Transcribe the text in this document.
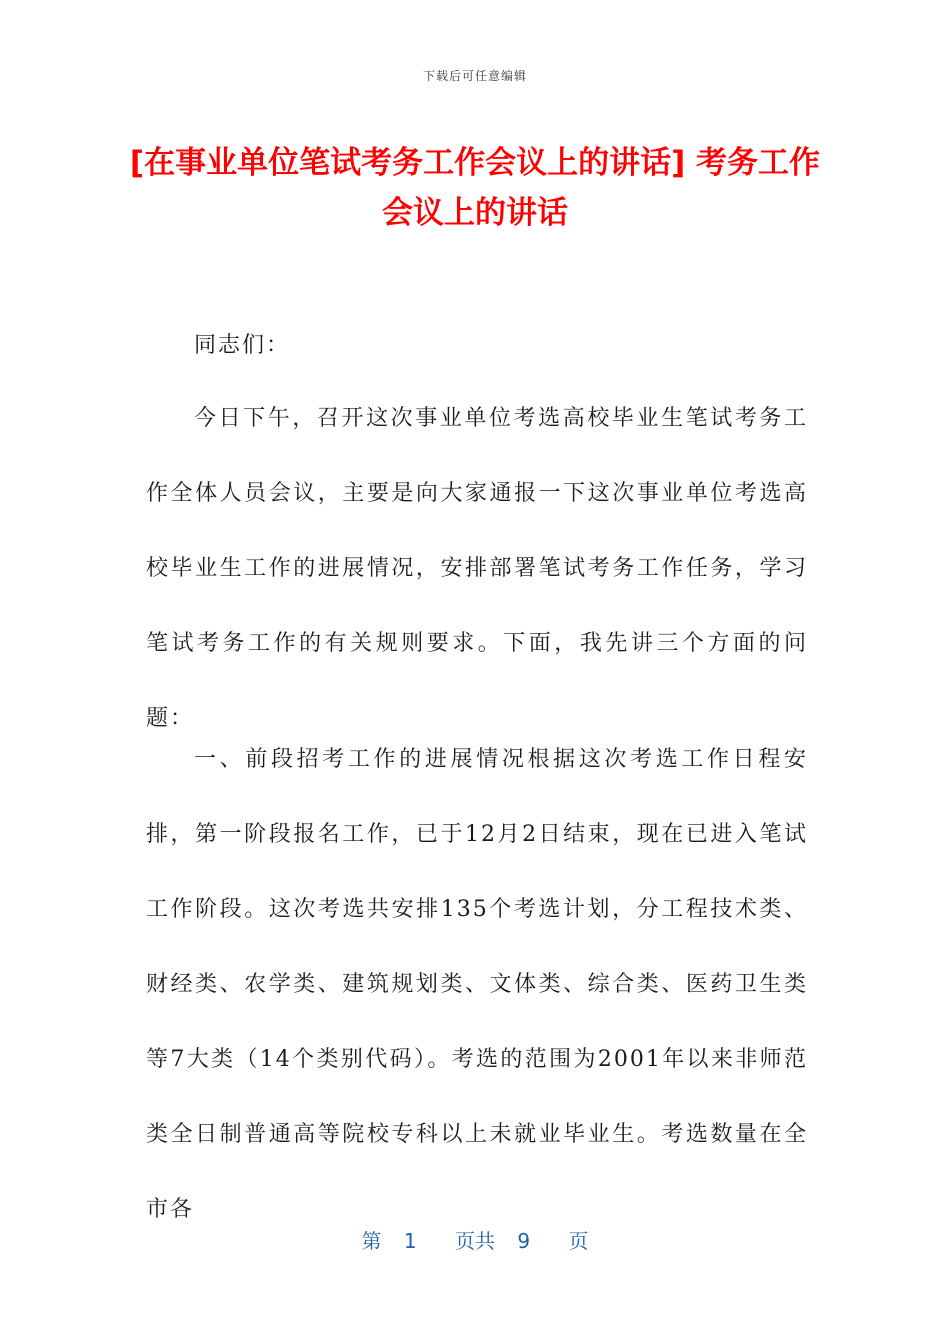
下载后可任意编辑
[在事业单位笔试考务工作会议上的讲话] 考务工作会议上的讲话

同志们：

今日下午，召开这次事业单位考选高校毕业生笔试考务工作全体人员会议，主要是向大家通报一下这次事业单位考选高校毕业生工作的进展情况，安排部署笔试考务工作任务，学习笔试考务工作的有关规则要求。下面，我先讲三个方面的问题：

一、前段招考工作的进展情况根据这次考选工作日程安排，第一阶段报名工作，已于12月2日结束，现在已进入笔试工作阶段。这次考选共安排135个考选计划，分工程技术类、财经类、农学类、建筑规划类、文体类、综合类、医药卫生类等7大类（14个类别代码）。考选的范围为2001年以来非师范类全日制普通高等院校专科以上未就业毕业生。考选数量在全市各

第 1 页共 9 页
